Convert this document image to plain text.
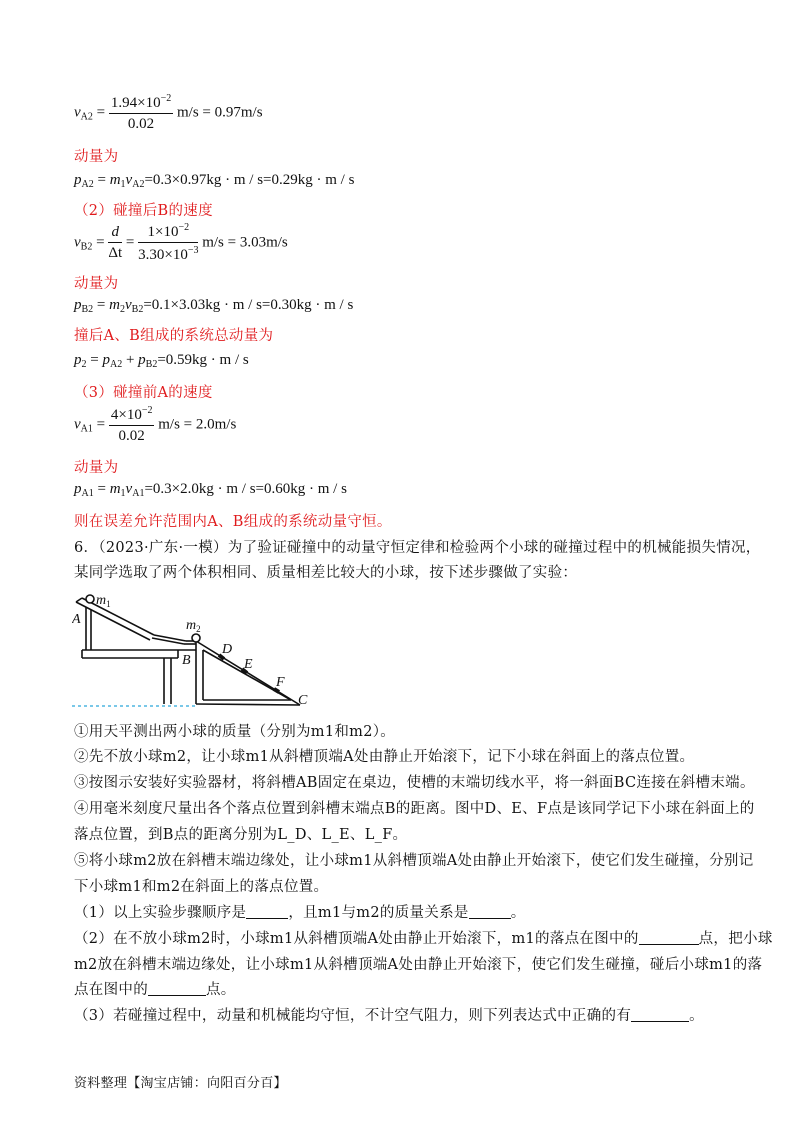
$v_{A2} = \frac{1.94\times 10^{-2}}{0.02} m/s = 0.97m/s$
动量为
$p_{A2} = m_1v_{A2}=0.3\times 0.97kg \cdot m / s=0.29kg \cdot m / s$
（2）碰撞后B的速度
$v_{B2} = \frac{d}{\Delta t} = \frac{1\times 10^{-2}}{3.30\times 10^{-3}} m/s = 3.03m/s$
动量为
$p_{B2} = m_2v_{B2}=0.1\times 3.03kg \cdot m / s=0.30kg \cdot m / s$
撞后A、B组成的系统总动量为
$p_2 = p_{A2} + p_{B2}=0.59kg \cdot m / s$
（3）碰撞前A的速度
$v_{A1} = \frac{4\times 10^{-2}}{0.02} m/s = 2.0m/s$
动量为
$p_{A1} = m_1v_{A1}=0.3\times 2.0kg \cdot m / s=0.60kg \cdot m / s$
则在误差允许范围内A、B组成的系统动量守恒。
6．（2023·广东·一模）为了验证碰撞中的动量守恒定律和检验两个小球的碰撞过程中的机械能损失情况，
某同学选取了两个体积相同、质量相差比较大的小球，按下述步骤做了实验：
$m_1$
$m_2$
A
B
D
E
F
C
①用天平测出两小球的质量（分别为m1和m2）。
②先不放小球m2，让小球m1从斜槽顶端A处由静止开始滚下，记下小球在斜面上的落点位置。
③按图示安装好实验器材，将斜槽AB固定在桌边，使槽的末端切线水平，将一斜面BC连接在斜槽末端。
④用毫米刻度尺量出各个落点位置到斜槽末端点B的距离。图中D、E、F点是该同学记下小球在斜面上的
落点位置，到B点的距离分别为L_D、L_E、L_F。
⑤将小球m2放在斜槽末端边缘处，让小球m1从斜槽顶端A处由静止开始滚下，使它们发生碰撞，分别记
下小球m1和m2在斜面上的落点位置。
（1）以上实验步骤顺序是	，且m1与m2的质量关系是	。
（2）在不放小球m2时，小球m1从斜槽顶端A处由静止开始滚下，m1的落点在图中的	点，把小球
m2放在斜槽末端边缘处，让小球m1从斜槽顶端A处由静止开始滚下，使它们发生碰撞，碰后小球m1的落
点在图中的	点。
（3）若碰撞过程中，动量和机械能均守恒，不计空气阻力，则下列表达式中正确的有	。
资料整理【淘宝店铺：向阳百分百】
